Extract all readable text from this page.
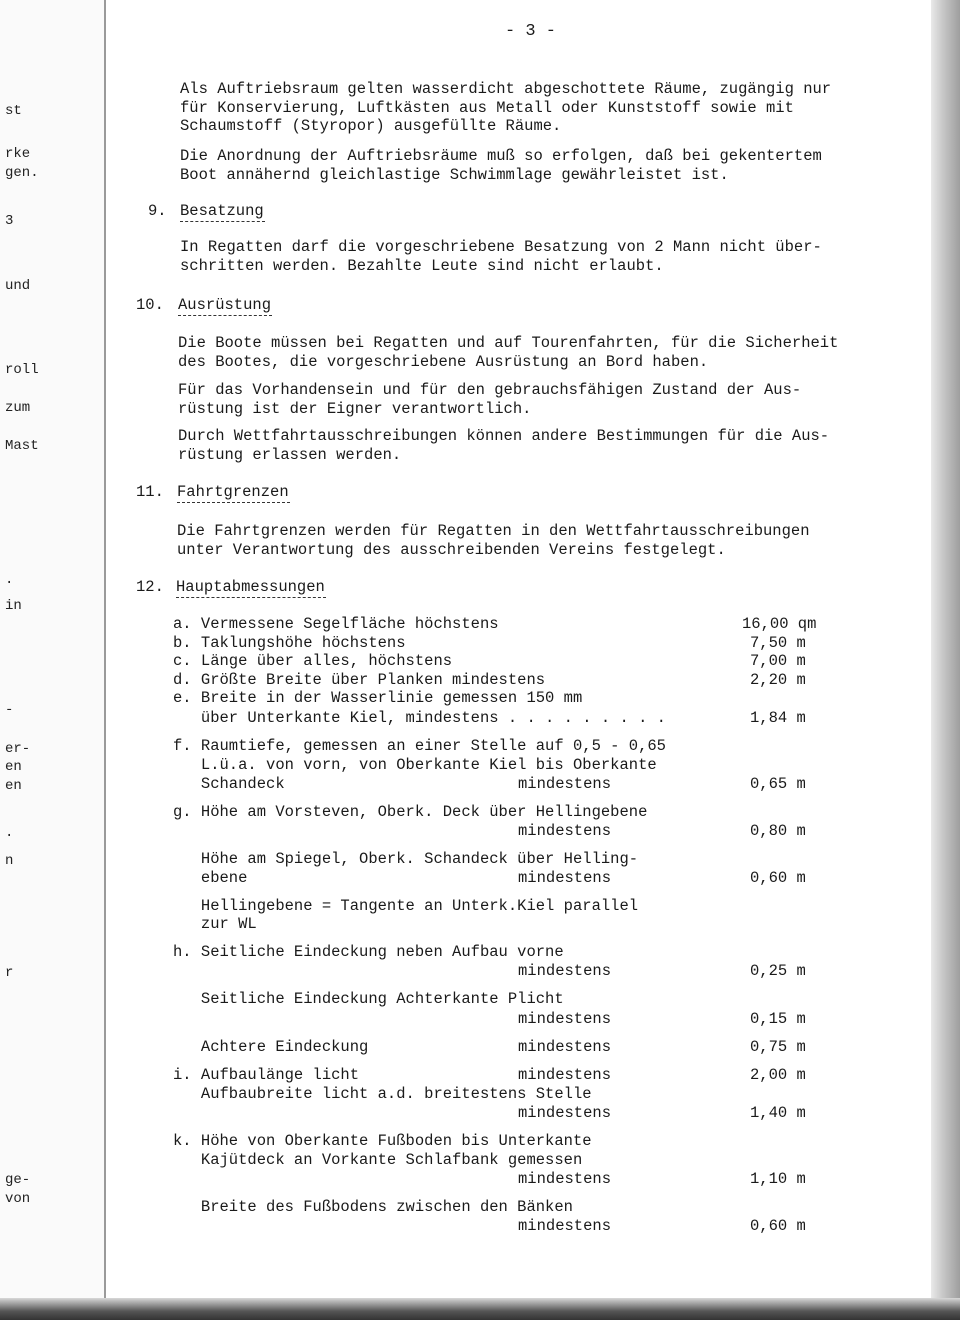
st
rke
gen.
3
und
roll
zum
Mast
.
in
-
er-
en
en
.
n
r
ge-
von
- 3 -
Als Auftriebsraum gelten wasserdicht abgeschottete Räume, zugängig nur
für Konservierung, Luftkästen aus Metall oder Kunststoff sowie mit
Schaumstoff (Styropor) ausgefüllte Räume.
Die Anordnung der Auftriebsräume muß so erfolgen, daß bei gekentertem
Boot annähernd gleichlastige Schwimmlage gewährleistet ist.
9. Besatzung
In Regatten darf die vorgeschriebene Besatzung von 2 Mann nicht über-
schritten werden. Bezahlte Leute sind nicht erlaubt.
10. Ausrüstung
Die Boote müssen bei Regatten und auf Tourenfahrten, für die Sicherheit
des Bootes, die vorgeschriebene Ausrüstung an Bord haben.
Für das Vorhandensein und für den gebrauchsfähigen Zustand der Aus-
rüstung ist der Eigner verantwortlich.
Durch Wettfahrtausschreibungen können andere Bestimmungen für die Aus-
rüstung erlassen werden.
11. Fahrtgrenzen
Die Fahrtgrenzen werden für Regatten in den Wettfahrtausschreibungen
unter Verantwortung des ausschreibenden Vereins festgelegt.
12. Hauptabmessungen
a. Vermessene Segelfläche höchstens	16,00 qm
b. Taklungshöhe höchstens	7,50 m
c. Länge über alles, höchstens	7,00 m
d. Größte Breite über Planken mindestens	2,20 m
e. Breite in der Wasserlinie gemessen 150 mm
über Unterkante Kiel, mindestens . . . . . . . . .	1,84 m
f. Raumtiefe, gemessen an einer Stelle auf 0,5 - 0,65
L.ü.a. von vorn, von Oberkante Kiel bis Oberkante
Schandeck	mindestens	0,65 m
g. Höhe am Vorsteven, Oberk. Deck über Hellingebene
mindestens	0,80 m
Höhe am Spiegel, Oberk. Schandeck über Helling-
ebene	mindestens	0,60 m
Hellingebene = Tangente an Unterk.Kiel parallel
zur WL
h. Seitliche Eindeckung neben Aufbau vorne
mindestens	0,25 m
Seitliche Eindeckung Achterkante Plicht
mindestens	0,15 m
Achtere Eindeckung	mindestens	0,75 m
i. Aufbaulänge licht	mindestens	2,00 m
Aufbaubreite licht a.d. breitestens Stelle
mindestens	1,40 m
k. Höhe von Oberkante Fußboden bis Unterkante
Kajütdeck an Vorkante Schlafbank gemessen
mindestens	1,10 m
Breite des Fußbodens zwischen den Bänken
mindestens	0,60 m
